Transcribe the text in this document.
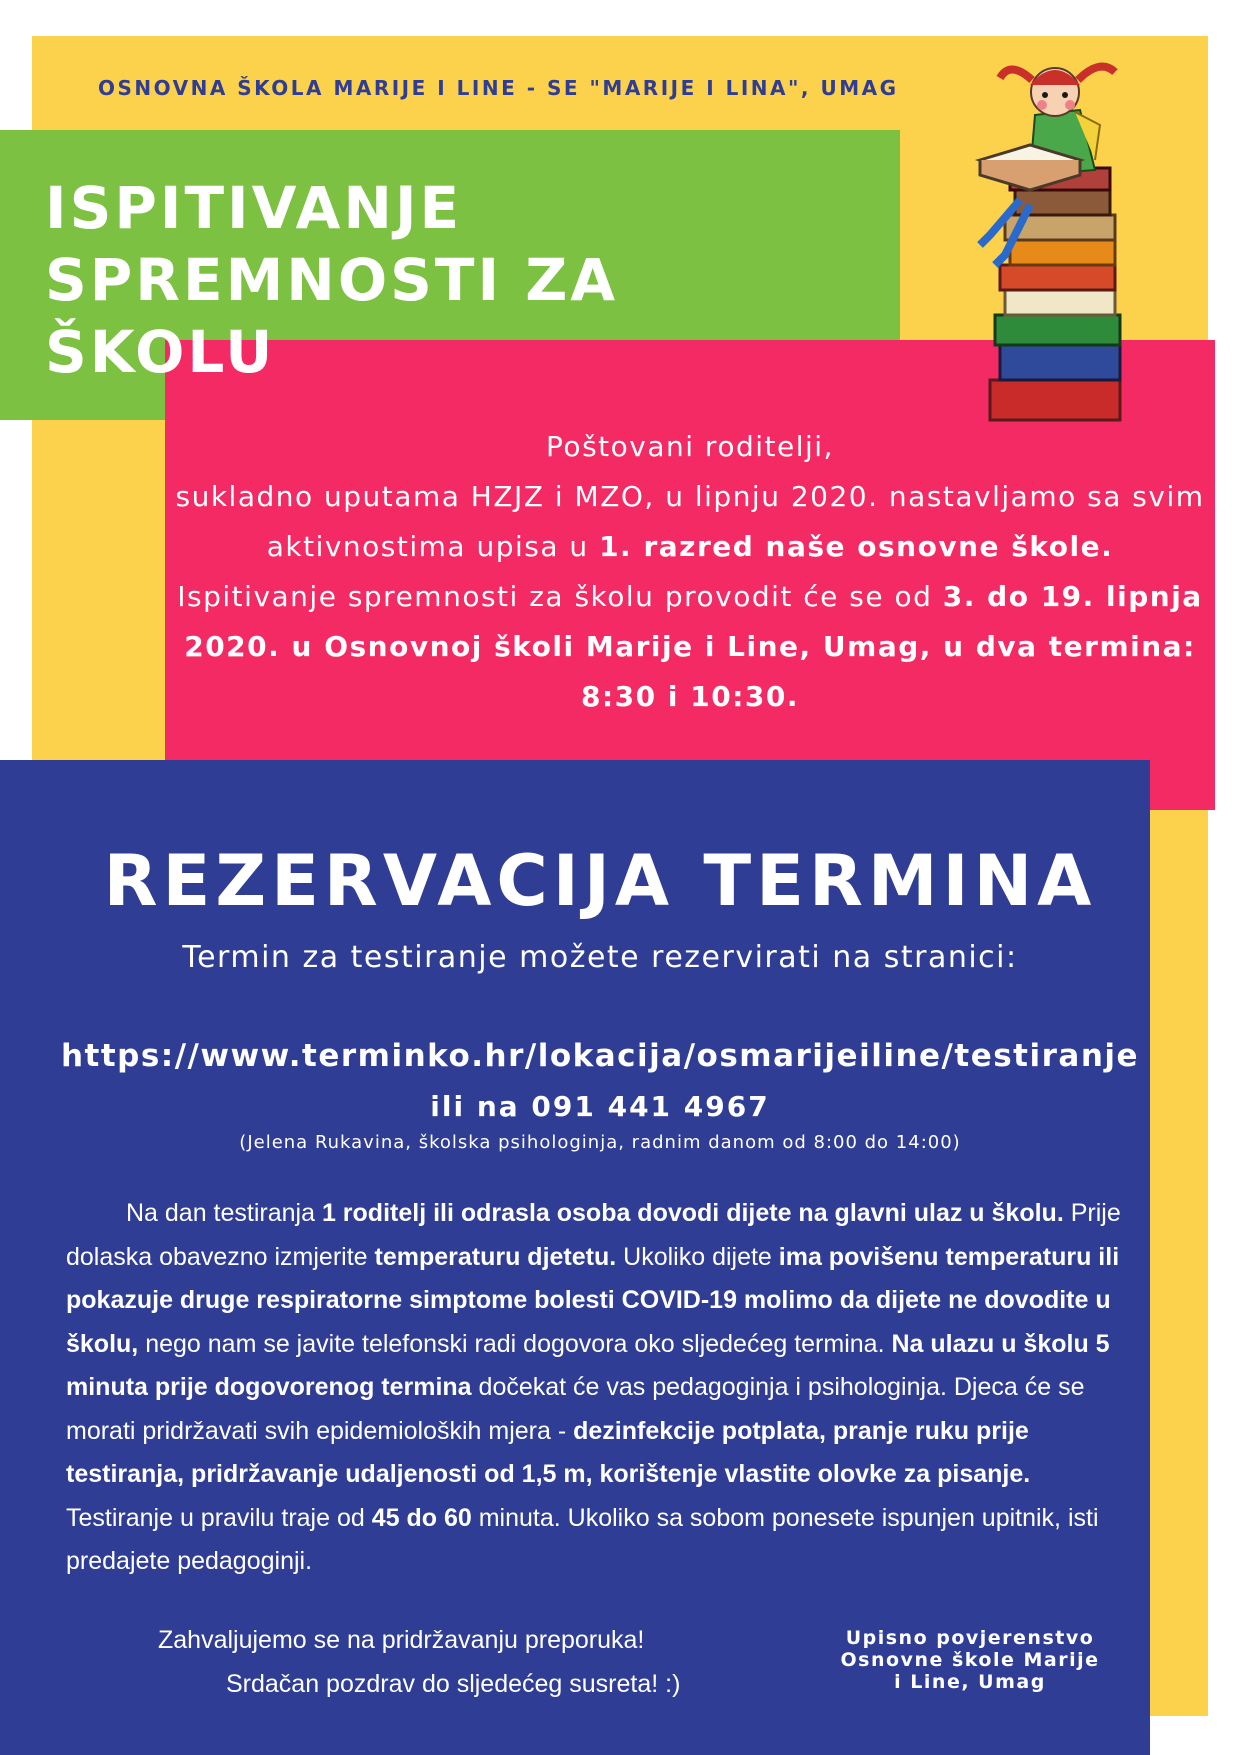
OSNOVNA ŠKOLA MARIJE I LINE - SE "MARIJE I LINA", UMAG
ISPITIVANJE
SPREMNOSTI ZA
ŠKOLU
Poštovani roditelji,
sukladno uputama HZJZ i MZO, u lipnju 2020. nastavljamo sa svim aktivnostima upisa u 1. razred naše osnovne škole.
Ispitivanje spremnosti za školu provodit će se od 3. do 19. lipnja 2020. u Osnovnoj školi Marije i Line, Umag, u dva termina: 8:30 i 10:30.
REZERVACIJA TERMINA
Termin za testiranje možete rezervirati na stranici:
https://www.terminko.hr/lokacija/osmarijeiline/testiranje
ili na 091 441 4967
(Jelena Rukavina, školska psihologinja, radnim danom od 8:00 do 14:00)
Na dan testiranja 1 roditelj ili odrasla osoba dovodi dijete na glavni ulaz u školu. Prije dolaska obavezno izmjerite temperaturu djetetu. Ukoliko dijete ima povišenu temperaturu ili pokazuje druge respiratorne simptome bolesti COVID-19 molimo da dijete ne dovodite u školu, nego nam se javite telefonski radi dogovora oko sljedećeg termina. Na ulazu u školu 5 minuta prije dogovorenog termina dočekat će vas pedagoginja i psihologinja. Djeca će se morati pridržavati svih epidemioloških mjera - dezinfekcije potplata, pranje ruku prije testiranja, pridržavanje udaljenosti od 1,5 m, korištenje vlastite olovke za pisanje. Testiranje u pravilu traje od 45 do 60 minuta. Ukoliko sa sobom ponesete ispunjen upitnik, isti predajete pedagoginji.
Zahvaljujemo se na pridržavanju preporuka!
Srdačan pozdrav do sljedećeg susreta! :)
Upisno povjerenstvo
Osnovne škole Marije
i Line, Umag
